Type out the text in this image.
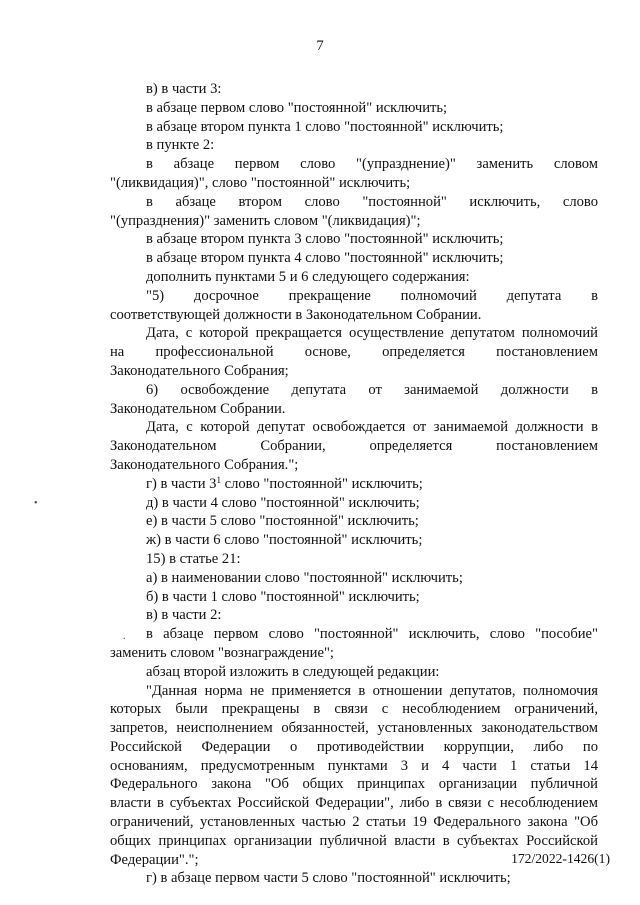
7
в) в части 3:
в абзаце первом слово "постоянной" исключить;
в абзаце втором пункта 1 слово "постоянной" исключить;
в пункте 2:
в абзаце первом слово "(упразднение)" заменить словом
"(ликвидация)", слово "постоянной" исключить;
в абзаце втором слово "постоянной" исключить, слово
"(упразднения)" заменить словом "(ликвидация)";
в абзаце втором пункта 3 слово "постоянной" исключить;
в абзаце втором пункта 4 слово "постоянной" исключить;
дополнить пунктами 5 и 6 следующего содержания:
"5) досрочное прекращение полномочий депутата в
соответствующей должности в Законодательном Собрании.
Дата, с которой прекращается осуществление депутатом полномочий
на профессиональной основе, определяется постановлением
Законодательного Собрания;
6) освобождение депутата от занимаемой должности в
Законодательном Собрании.
Дата, с которой депутат освобождается от занимаемой должности в
Законодательном Собрании, определяется постановлением
Законодательного Собрания.";
г) в части $3^1$ слово "постоянной" исключить;
д) в части 4 слово "постоянной" исключить;
е) в части 5 слово "постоянной" исключить;
ж) в части 6 слово "постоянной" исключить;
15) в статье 21:
а) в наименовании слово "постоянной" исключить;
б) в части 1 слово "постоянной" исключить;
в) в части 2:
в абзаце первом слово "постоянной" исключить, слово "пособие"
заменить словом "вознаграждение";
абзац второй изложить в следующей редакции:
"Данная норма не применяется в отношении депутатов, полномочия
которых были прекращены в связи с несоблюдением ограничений,
запретов, неисполнением обязанностей, установленных законодательством
Российской Федерации о противодействии коррупции, либо по
основаниям, предусмотренным пунктами 3 и 4 части 1 статьи 14
Федерального закона "Об общих принципах организации публичной
власти в субъектах Российской Федерации", либо в связи с несоблюдением
ограничений, установленных частью 2 статьи 19 Федерального закона "Об
общих принципах организации публичной власти в субъектах Российской
Федерации".";
г) в абзаце первом части 5 слово "постоянной" исключить;
•
.
172/2022-1426(1)
